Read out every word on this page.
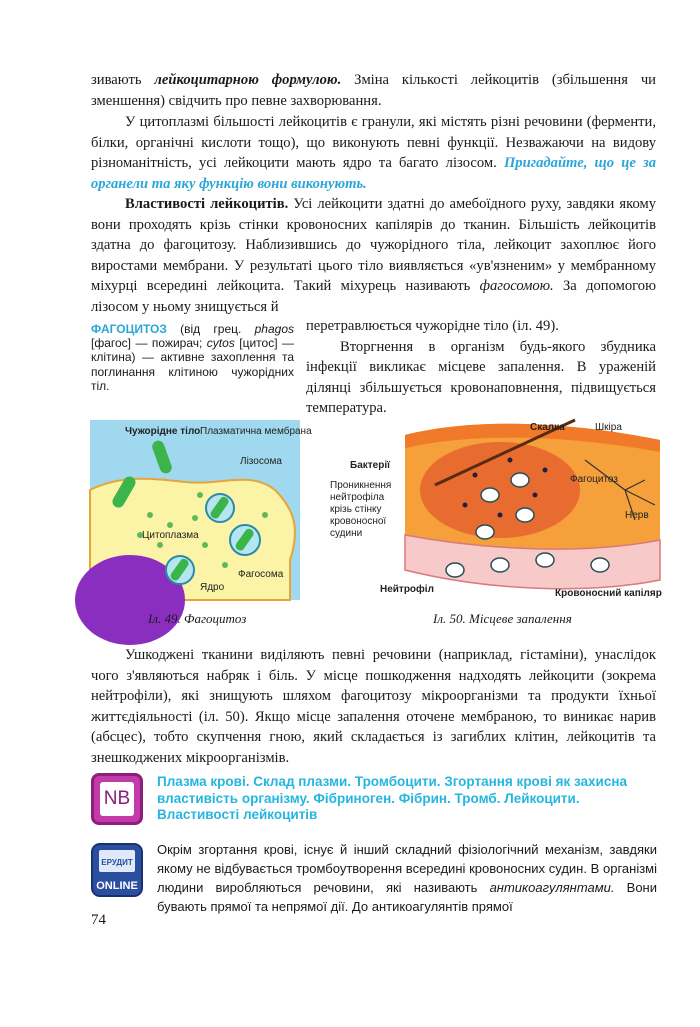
зивають лейкоцитарною формулою. Зміна кількості лейкоцитів (збільшення чи зменшення) свідчить про певне захворювання.

У цитоплазмі більшості лейкоцитів є гранули, які містять різні речовини (ферменти, білки, органічні кислоти тощо), що виконують певні функції. Незважаючи на видову різноманітність, усі лейкоцити мають ядро та багато лізосом. Пригадайте, що це за органели та яку функцію вони виконують.

Властивості лейкоцитів. Усі лейкоцити здатні до амебоїдного руху, завдяки якому вони проходять крізь стінки кровоносних капілярів до тканин. Більшість лейкоцитів здатна до фагоцитозу. Наблизившись до чужорідного тіла, лейкоцит захоплює його виростами мембрани. У результаті цього тіло виявляється «ув'язненим» у мембранному міхурці всередині лейкоцита. Такий міхурець називають фагосомою. За допомогою лізосом у ньому знищується й

ФАГОЦИТОЗ (від грец. phagos [фагос] — пожирач; cytos [цитос] — клітина) — активне захоплення та поглинання клітиною чужорідних тіл.

перетравлюється чужорідне тіло (іл. 49).

Вторгнення в організм будь-якого збудника інфекції викликає місцеве запалення. В ураженій ділянці збільшується кровонаповнення, підвищується температура.

Чужорідне тіло Плазматична мембрана
Лізосома
Цитоплазма
Фагосома
Ядро
Іл. 49. Фагоцитоз
Скалка	Шкіра
Бактерії
Проникнення
нейтрофіла
крізь стінку
кровоносної
судини
Фагоцитоз
Нерв
Нейтрофіл	Кровоносний капіляр
Іл. 50. Місцеве запалення

Ушкоджені тканини виділяють певні речовини (наприклад, гістаміни), унаслідок чого з'являються набряк і біль. У місце пошкодження надходять лейкоцити (зокрема нейтрофіли), які знищують шляхом фагоцитозу мікроорганізми та продукти їхньої життєдіяльності (іл. 50). Якщо місце запалення оточене мембраною, то виникає нарив (абсцес), тобто скупчення гною, який складається із загиблих клітин, лейкоцитів та знешкоджених мікроорганізмів.

NB
Плазма крові. Склад плазми. Тромбоцити. Згортання крові як захисна властивість організму. Фібриноген. Фібрин. Тромб. Лейкоцити. Властивості лейкоцитів
ЕРУДИТ
ONLINE

Окрім згортання крові, існує й інший складний фізіологічний механізм, завдяки якому не відбувається тромбоутворення всередині кровоносних судин. В організмі людини виробляються речовини, які називають антикоагулянтами. Вони бувають прямої та непрямої дії. До антикоагулянтів прямої

74
